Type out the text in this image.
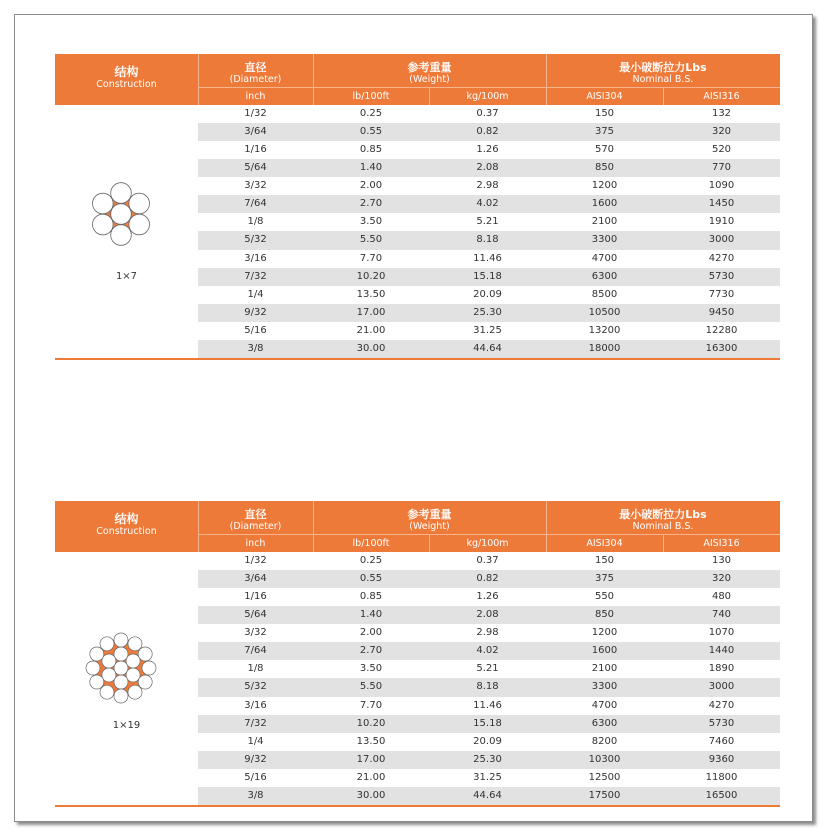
结构
Construction
直径
(Diameter)
参考重量
(Weight)
最小破断拉力Lbs
Nominal B.S.
inch	lb/100ft	kg/100m	AISI304	AISI316
1×7
1/32	0.25	0.37	150	132
3/64	0.55	0.82	375	320
1/16	0.85	1.26	570	520
5/64	1.40	2.08	850	770
3/32	2.00	2.98	1200	1090
7/64	2.70	4.02	1600	1450
1/8	3.50	5.21	2100	1910
5/32	5.50	8.18	3300	3000
3/16	7.70	11.46	4700	4270
7/32	10.20	15.18	6300	5730
1/4	13.50	20.09	8500	7730
9/32	17.00	25.30	10500	9450
5/16	21.00	31.25	13200	12280
3/8	30.00	44.64	18000	16300
结构
Construction
直径
(Diameter)
参考重量
(Weight)
最小破断拉力Lbs
Nominal B.S.
inch	lb/100ft	kg/100m	AISI304	AISI316
1×19
1/32	0.25	0.37	150	130
3/64	0.55	0.82	375	320
1/16	0.85	1.26	550	480
5/64	1.40	2.08	850	740
3/32	2.00	2.98	1200	1070
7/64	2.70	4.02	1600	1440
1/8	3.50	5.21	2100	1890
5/32	5.50	8.18	3300	3000
3/16	7.70	11.46	4700	4270
7/32	10.20	15.18	6300	5730
1/4	13.50	20.09	8200	7460
9/32	17.00	25.30	10300	9360
5/16	21.00	31.25	12500	11800
3/8	30.00	44.64	17500	16500
